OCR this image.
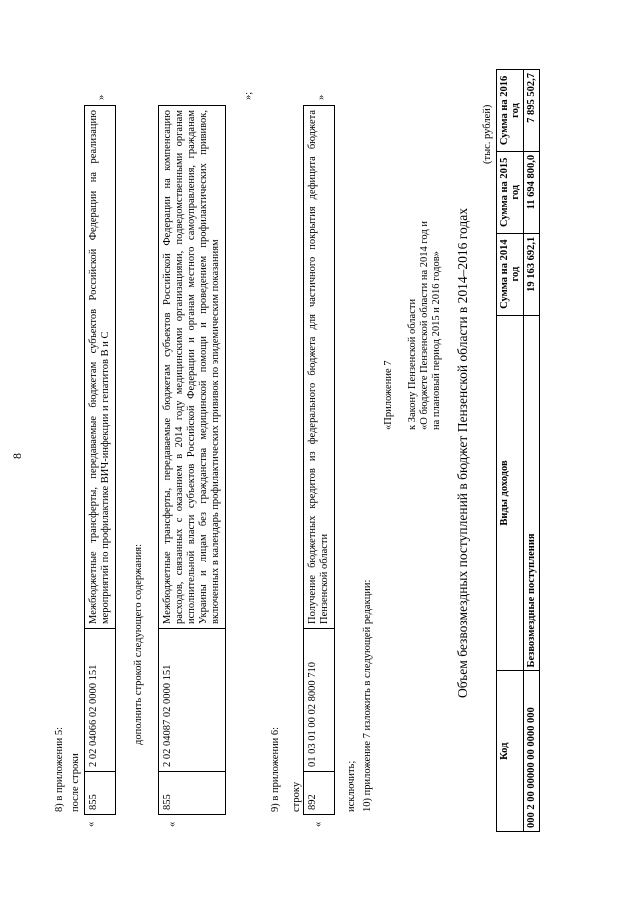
8
8) в приложении 5: после строки
«
855	2 02 04066 02 0000 151	Межбюджетные трансферты, передаваемые бюджетам субъектов Российской Федерации на реализацию мероприятий по профилактике ВИЧ-инфекции и гепатитов В и С
»
дополнить строкой следующего содержания:
«
855	2 02 04087 02 0000 151	Межбюджетные трансферты, передаваемые бюджетам субъектов Российской Федерации на компенсацию расходов, связанных с оказанием в 2014 году медицинскими организациями, подведомственными органам исполнительной власти субъектов Российской Федерации и органам местного самоуправления, гражданам Украины и лицам без гражданства медицинской помощи и проведением профилактических прививок, включенных в календарь профилактических прививок по эпидемическим показаниям
»;
9) в приложении 6: строку
«
892	01 03 01 00 02 8000 710	Получение бюджетных кредитов из федерального бюджета для частичного покрытия дефицита бюджета Пензенской области
»
исключить; 10) приложение 7 изложить в следующей редакции:
«Приложение 7 к Закону Пензенской области «О бюджете Пензенской области на 2014 год и на плановый период 2015 и 2016 годов» Объем безвозмездных поступлений в бюджет Пензенской области в 2014–2016 годах
(тыс. рублей)
Код	Виды доходов	Сумма на 2014 год	Сумма на 2015 год	Сумма на 2016 год
000 2 00 00000 00 0000 000	Безвозмездные поступления	19 163 692,1	11 694 800,0	7 895 502,7
